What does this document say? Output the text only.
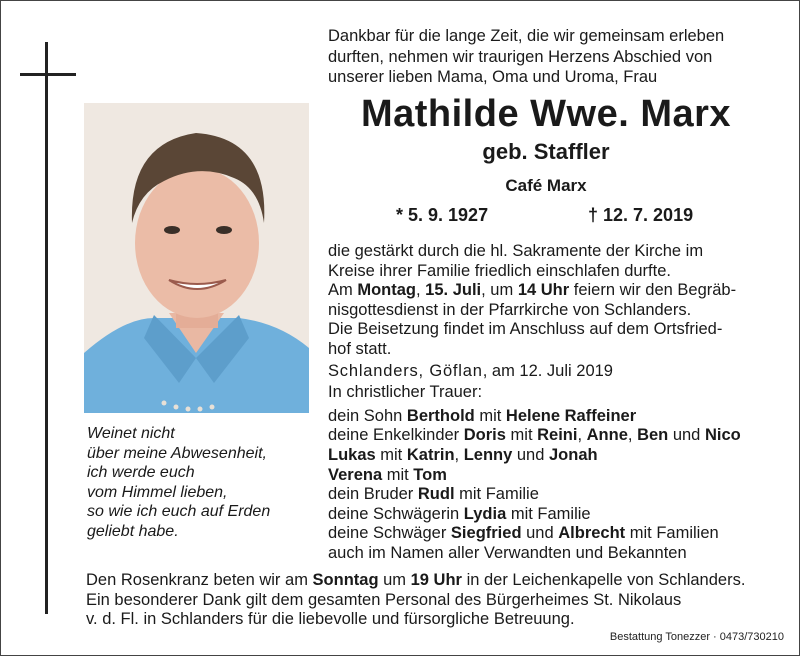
Weinet nicht
über meine Abwesenheit,
ich werde euch
vom Himmel lieben,
so wie ich euch auf Erden
geliebt habe.
Dankbar für die lange Zeit, die wir gemeinsam erleben
durften, nehmen wir traurigen Herzens Abschied von
unserer lieben Mama, Oma und Uroma, Frau
Mathilde Wwe. Marx
geb. Staffler
Café Marx
* 5. 9. 1927	† 12. 7. 2019
die gestärkt durch die hl. Sakramente der Kirche im
Kreise ihrer Familie friedlich einschlafen durfte.
Am Montag, 15. Juli, um 14 Uhr feiern wir den Begräb-
nisgottesdienst in der Pfarrkirche von Schlanders.
Die Beisetzung findet im Anschluss auf dem Ortsfried-
hof statt.
Schlanders, Göflan, am 12. Juli 2019
In christlicher Trauer:
dein Sohn Berthold mit Helene Raffeiner
deine Enkelkinder Doris mit Reini, Anne, Ben und Nico
Lukas mit Katrin, Lenny und Jonah
Verena mit Tom
dein Bruder Rudl mit Familie
deine Schwägerin Lydia mit Familie
deine Schwäger Siegfried und Albrecht mit Familien
auch im Namen aller Verwandten und Bekannten
Den Rosenkranz beten wir am Sonntag um 19 Uhr in der Leichenkapelle von Schlanders.
Ein besonderer Dank gilt dem gesamten Personal des Bürgerheimes St. Nikolaus
v. d. Fl. in Schlanders für die liebevolle und fürsorgliche Betreuung.
Bestattung Tonezzer · 0473/730210
